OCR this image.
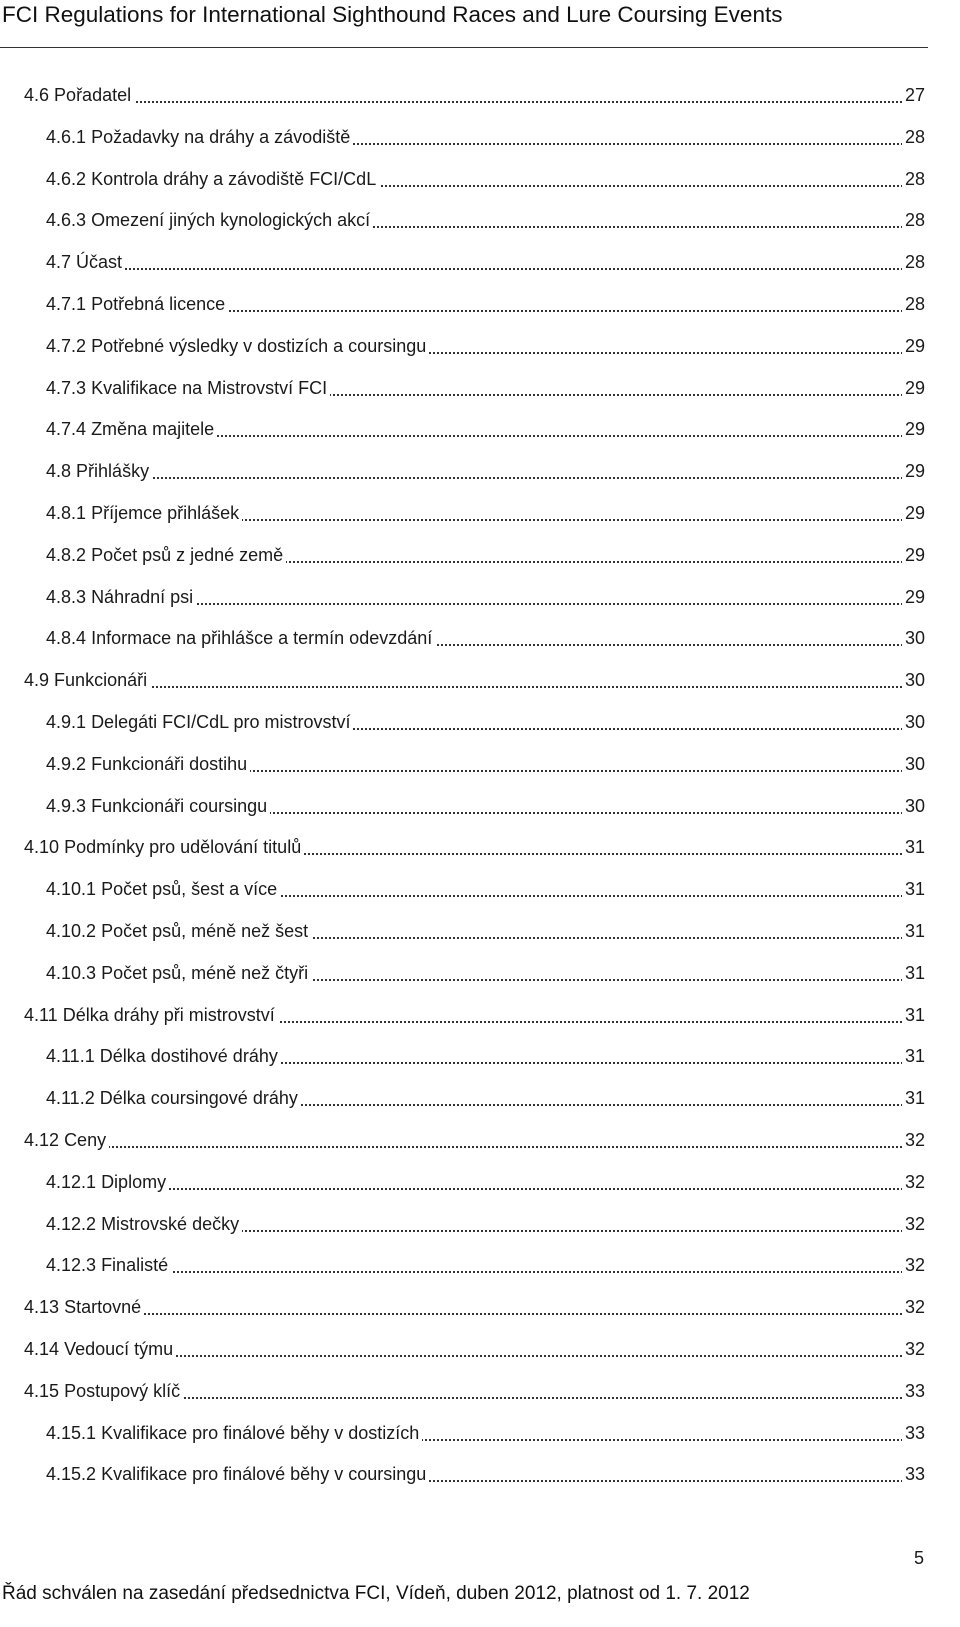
FCI Regulations for International Sighthound Races and Lure Coursing Events
4.6 Pořadatel	27
4.6.1 Požadavky na dráhy a závodiště	28
4.6.2 Kontrola dráhy a závodiště FCI/CdL	28
4.6.3 Omezení jiných kynologických akcí	28
4.7 Účast	28
4.7.1 Potřebná licence	28
4.7.2 Potřebné výsledky v dostizích a coursingu	29
4.7.3 Kvalifikace na Mistrovství FCI	29
4.7.4 Změna majitele	29
4.8 Přihlášky	29
4.8.1 Příjemce přihlášek	29
4.8.2 Počet psů z jedné země	29
4.8.3 Náhradní psi	29
4.8.4 Informace na přihlášce a termín odevzdání	30
4.9 Funkcionáři	30
4.9.1 Delegáti FCI/CdL pro mistrovství	30
4.9.2 Funkcionáři dostihu	30
4.9.3 Funkcionáři coursingu	30
4.10 Podmínky pro udělování titulů	31
4.10.1 Počet psů, šest a více	31
4.10.2 Počet psů, méně než šest	31
4.10.3 Počet psů, méně než čtyři	31
4.11 Délka dráhy při mistrovství	31
4.11.1 Délka dostihové dráhy	31
4.11.2 Délka coursingové dráhy	31
4.12 Ceny	32
4.12.1 Diplomy	32
4.12.2 Mistrovské dečky	32
4.12.3 Finalisté	32
4.13 Startovné	32
4.14 Vedoucí týmu	32
4.15 Postupový klíč	33
4.15.1 Kvalifikace pro finálové běhy v dostizích	33
4.15.2 Kvalifikace pro finálové běhy v coursingu	33
5
Řád schválen na zasedání předsednictva FCI, Vídeň, duben 2012, platnost od 1. 7. 2012
